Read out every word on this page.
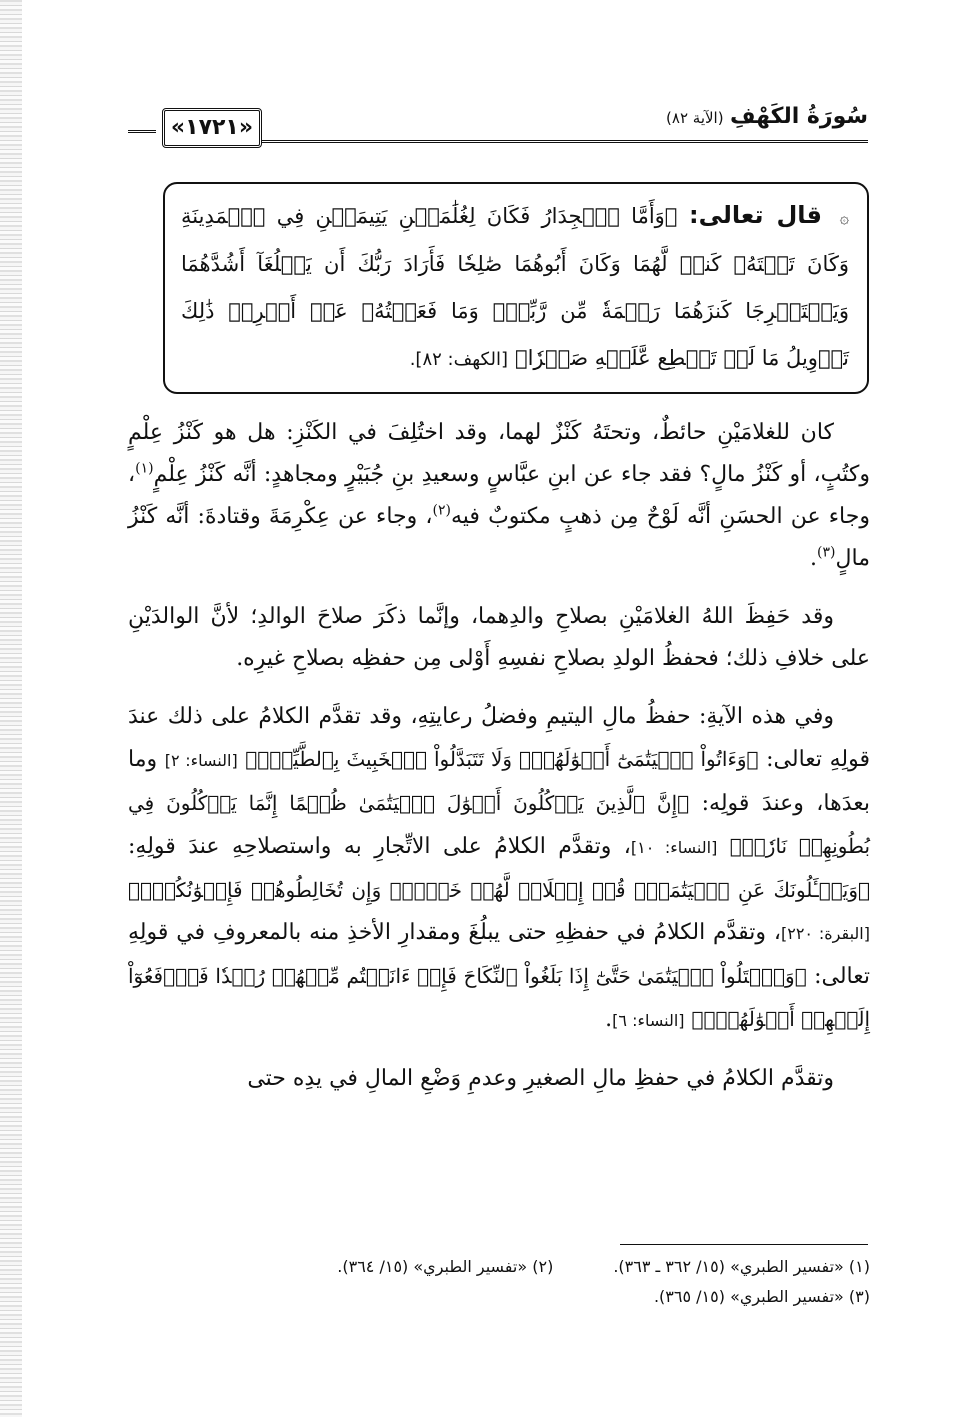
«١٧٢١»	سُورَةُ الكَهْفِ (الآية ٨٢)
۞ قال تعالى: ﴿وَأَمَّا ٱلۡجِدَارُ فَكَانَ لِغُلَٰمَيۡنِ يَتِيمَيۡنِ فِي ٱلۡمَدِينَةِ وَكَانَ تَحۡتَهُۥ كَنزٞ لَّهُمَا وَكَانَ أَبُوهُمَا صَٰلِحٗا فَأَرَادَ رَبُّكَ أَن يَبۡلُغَآ أَشُدَّهُمَا وَيَسۡتَخۡرِجَا كَنزَهُمَا رَحۡمَةٗ مِّن رَّبِّكَۚ وَمَا فَعَلۡتُهُۥ عَنۡ أَمۡرِيۚ ذَٰلِكَ تَأۡوِيلُ مَا لَمۡ تَسۡطِع عَّلَيۡهِ صَبۡرٗا﴾ [الكهف: ٨٢].

كان للغلامَيْنِ حائطٌ، وتحتَهُ كَنْزٌ لهما، وقد اختُلِفَ في الكَنْزِ: هل هو كَنْزُ عِلْمٍ وكتُبٍ، أو كَنْزُ مالٍ؟ فقد جاء عن ابنِ عبَّاسٍ وسعيدِ بنِ جُبَيْرٍ ومجاهدٍ: أنَّه كَنْزُ عِلْمٍ$^{(١)}$، وجاء عن الحسَنِ أنَّه لَوْحٌ مِن ذهبٍ مكتوبٌ فيه$^{(٢)}$، وجاء عن عِكْرِمَةَ وقتادةَ: أنَّه كَنْزُ مالٍ$^{(٣)}$.

وقد حَفِظَ اللهُ الغلامَيْنِ بصلاحِ والدِهما، وإنَّما ذكَرَ صلاحَ الوالدِ؛ لأنَّ الوالدَيْنِ على خلافِ ذلك؛ فحفظُ الولدِ بصلاحِ نفسِهِ أَوْلى مِن حفظِه بصلاحِ غيرِه.

وفي هذه الآيةِ: حفظُ مالِ اليتيمِ وفضلُ رعايتِهِ، وقد تقدَّم الكلامُ على ذلك عندَ قولِهِ تعالى: ﴿وَءَاتُواْ ٱلۡيَتَٰمَىٰٓ أَمۡوَٰلَهُمۡۖ وَلَا تَتَبَدَّلُواْ ٱلۡخَبِيثَ بِٱلطَّيِّبِۖ﴾ [النساء: ٢] وما بعدَها، وعندَ قولِه: ﴿إِنَّ ٱلَّذِينَ يَأۡكُلُونَ أَمۡوَٰلَ ٱلۡيَتَٰمَىٰ ظُلۡمًا إِنَّمَا يَأۡكُلُونَ فِي بُطُونِهِمۡ نَارٗاۖ﴾ [النساء: ١٠]، وتقدَّم الكلامُ على الاتِّجارِ به واستصلاحِهِ عندَ قولِهِ: ﴿وَيَسۡـَٔلُونَكَ عَنِ ٱلۡيَتَٰمَىٰۖ قُلۡ إِصۡلَاحٞ لَّهُمۡ خَيۡرٞۖ وَإِن تُخَالِطُوهُمۡ فَإِخۡوَٰنُكُمۡۚ﴾ [البقرة: ٢٢٠]، وتقدَّم الكلامُ في حفظِهِ حتى يبلُغَ ومقدارِ الأخذِ منه بالمعروفِ في قولِهِ تعالى: ﴿وَٱبۡتَلُواْ ٱلۡيَتَٰمَىٰ حَتَّىٰٓ إِذَا بَلَغُواْ ٱلنِّكَاحَ فَإِنۡ ءَانَسۡتُم مِّنۡهُمۡ رُشۡدٗا فَٱدۡفَعُوٓاْ إِلَيۡهِمۡ أَمۡوَٰلَهُمۡۖ﴾ [النساء: ٦].

وتقدَّم الكلامُ في حفظِ مالِ الصغيرِ وعدمِ وَضْعِ المالِ في يدِه حتى

(١) «تفسير الطبري» (١٥/ ٣٦٢ ـ ٣٦٣).
(٢) «تفسير الطبري» (١٥/ ٣٦٤).
(٣) «تفسير الطبري» (١٥/ ٣٦٥).
